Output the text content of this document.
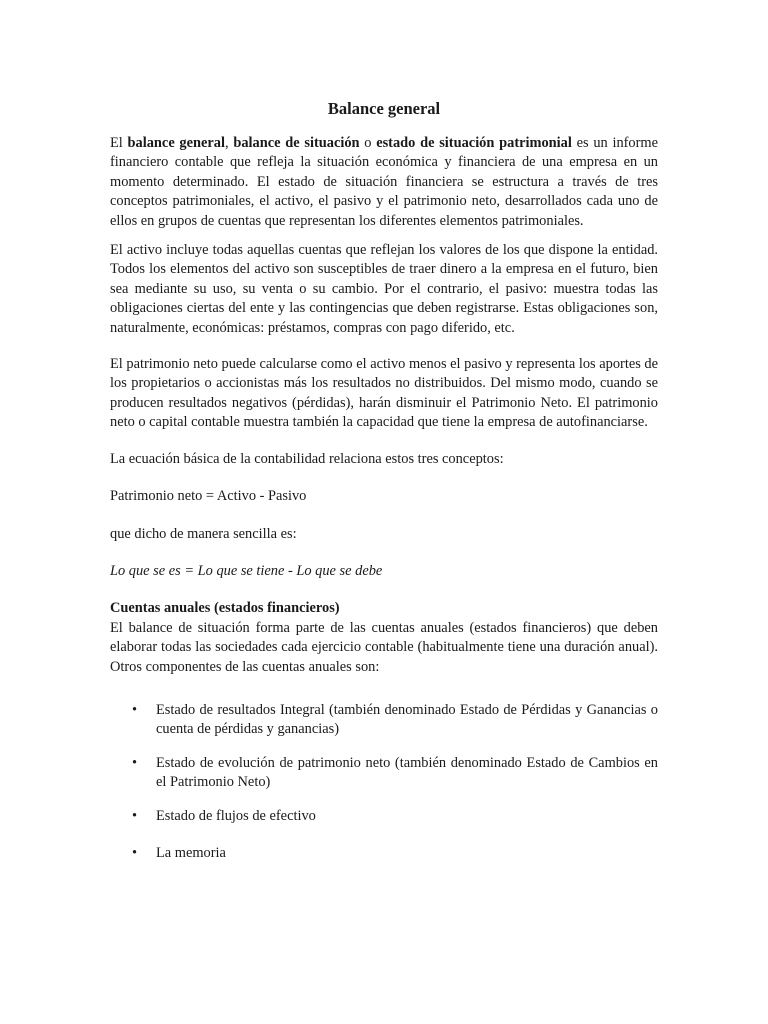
Balance general

El balance general, balance de situación o estado de situación patrimonial es un informe financiero contable que refleja la situación económica y financiera de una empresa en un momento determinado. El estado de situación financiera se estructura a través de tres conceptos patrimoniales, el activo, el pasivo y el patrimonio neto, desarrollados cada uno de ellos en grupos de cuentas que representan los diferentes elementos patrimoniales.

El activo incluye todas aquellas cuentas que reflejan los valores de los que dispone la entidad. Todos los elementos del activo son susceptibles de traer dinero a la empresa en el futuro, bien sea mediante su uso, su venta o su cambio. Por el contrario, el pasivo: muestra todas las obligaciones ciertas del ente y las contingencias que deben registrarse. Estas obligaciones son, naturalmente, económicas: préstamos, compras con pago diferido, etc.

El patrimonio neto puede calcularse como el activo menos el pasivo y representa los aportes de los propietarios o accionistas más los resultados no distribuidos. Del mismo modo, cuando se producen resultados negativos (pérdidas), harán disminuir el Patrimonio Neto. El patrimonio neto o capital contable muestra también la capacidad que tiene la empresa de autofinanciarse.

La ecuación básica de la contabilidad relaciona estos tres conceptos:

Patrimonio neto = Activo - Pasivo

que dicho de manera sencilla es:

Lo que se es = Lo que se tiene - Lo que se debe

Cuentas anuales (estados financieros)

El balance de situación forma parte de las cuentas anuales (estados financieros) que deben elaborar todas las sociedades cada ejercicio contable (habitualmente tiene una duración anual). Otros componentes de las cuentas anuales son:

• Estado de resultados Integral (también denominado Estado de Pérdidas y Ganancias o cuenta de pérdidas y ganancias)
• Estado de evolución de patrimonio neto (también denominado Estado de Cambios en el Patrimonio Neto)
• Estado de flujos de efectivo
• La memoria
